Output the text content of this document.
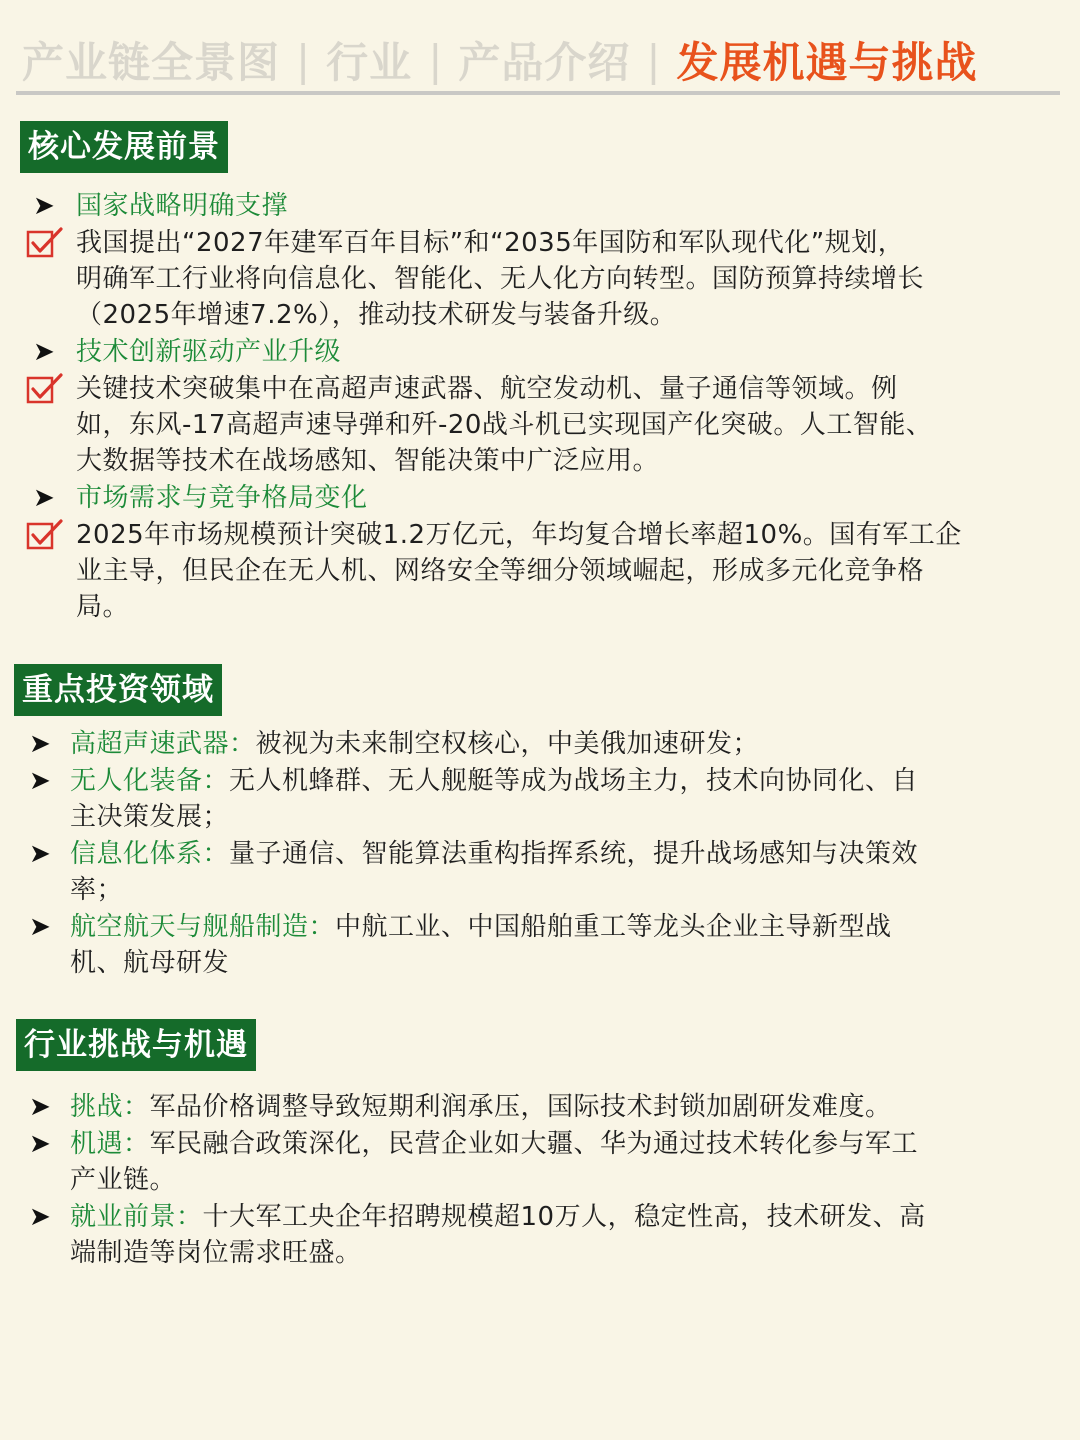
产业链全景图 | 行业 | 产品介绍 | 发展机遇与挑战
核心发展前景
➤ 国家战略明确支撑
我国提出“2027年建军百年目标”和“2035年国防和军队现代化”规划，
明确军工行业将向信息化、智能化、无人化方向转型。国防预算持续增长
（2025年增速7.2%），推动技术研发与装备升级。
➤ 技术创新驱动产业升级
关键技术突破集中在高超声速武器、航空发动机、量子通信等领域。例
如，东风-17高超声速导弹和歼-20战斗机已实现国产化突破。人工智能、
大数据等技术在战场感知、智能决策中广泛应用。
➤ 市场需求与竞争格局变化
2025年市场规模预计突破1.2万亿元，年均复合增长率超10%。国有军工企
业主导，但民企在无人机、网络安全等细分领域崛起，形成多元化竞争格
局。
重点投资领域
➤ 高超声速武器：被视为未来制空权核心，中美俄加速研发；
➤ 无人化装备：无人机蜂群、无人舰艇等成为战场主力，技术向协同化、自
主决策发展；
➤ 信息化体系：量子通信、智能算法重构指挥系统，提升战场感知与决策效
率；
➤ 航空航天与舰船制造：中航工业、中国船舶重工等龙头企业主导新型战
机、航母研发
行业挑战与机遇
➤ 挑战：军品价格调整导致短期利润承压，国际技术封锁加剧研发难度。
➤ 机遇：军民融合政策深化，民营企业如大疆、华为通过技术转化参与军工
产业链。
➤ 就业前景：十大军工央企年招聘规模超10万人，稳定性高，技术研发、高
端制造等岗位需求旺盛。
